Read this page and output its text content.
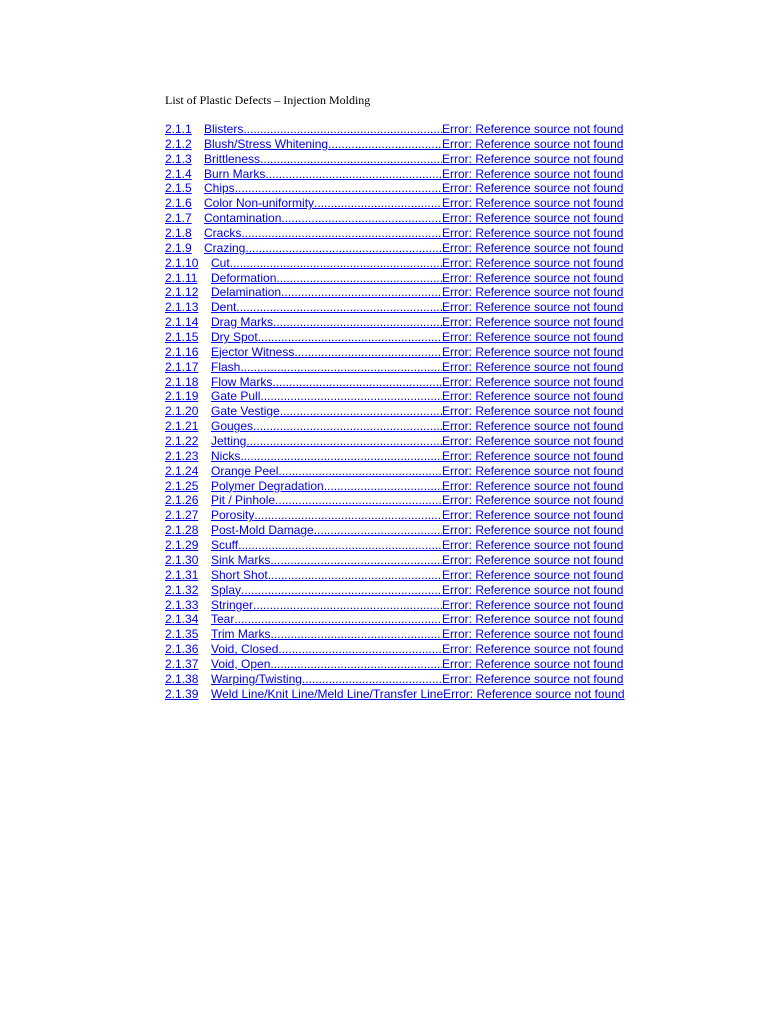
List of Plastic Defects – Injection Molding
2.1.1	Blisters .....	Error: Reference source not found
2.1.2	Blush/Stress Whitening .....	Error: Reference source not found
2.1.3	Brittleness .....	Error: Reference source not found
2.1.4	Burn Marks .....	Error: Reference source not found
2.1.5	Chips .....	Error: Reference source not found
2.1.6	Color Non-uniformity .....	Error: Reference source not found
2.1.7	Contamination .....	Error: Reference source not found
2.1.8	Cracks .....	Error: Reference source not found
2.1.9	Crazing .....	Error: Reference source not found
2.1.10	Cut .....	Error: Reference source not found
2.1.11	Deformation .....	Error: Reference source not found
2.1.12	Delamination .....	Error: Reference source not found
2.1.13	Dent .....	Error: Reference source not found
2.1.14	Drag Marks .....	Error: Reference source not found
2.1.15	Dry Spot .....	Error: Reference source not found
2.1.16	Ejector Witness .....	Error: Reference source not found
2.1.17	Flash .....	Error: Reference source not found
2.1.18	Flow Marks .....	Error: Reference source not found
2.1.19	Gate Pull .....	Error: Reference source not found
2.1.20	Gate Vestige .....	Error: Reference source not found
2.1.21	Gouges .....	Error: Reference source not found
2.1.22	Jetting .....	Error: Reference source not found
2.1.23	Nicks .....	Error: Reference source not found
2.1.24	Orange Peel .....	Error: Reference source not found
2.1.25	Polymer Degradation .....	Error: Reference source not found
2.1.26	Pit / Pinhole .....	Error: Reference source not found
2.1.27	Porosity .....	Error: Reference source not found
2.1.28	Post-Mold Damage .....	Error: Reference source not found
2.1.29	Scuff .....	Error: Reference source not found
2.1.30	Sink Marks .....	Error: Reference source not found
2.1.31	Short Shot .....	Error: Reference source not found
2.1.32	Splay .....	Error: Reference source not found
2.1.33	Stringer .....	Error: Reference source not found
2.1.34	Tear .....	Error: Reference source not found
2.1.35	Trim Marks .....	Error: Reference source not found
2.1.36	Void, Closed .....	Error: Reference source not found
2.1.37	Void, Open .....	Error: Reference source not found
2.1.38	Warping/Twisting .....	Error: Reference source not found
2.1.39	Weld Line/Knit Line/Meld Line/Transfer Line Error: Reference source not found
